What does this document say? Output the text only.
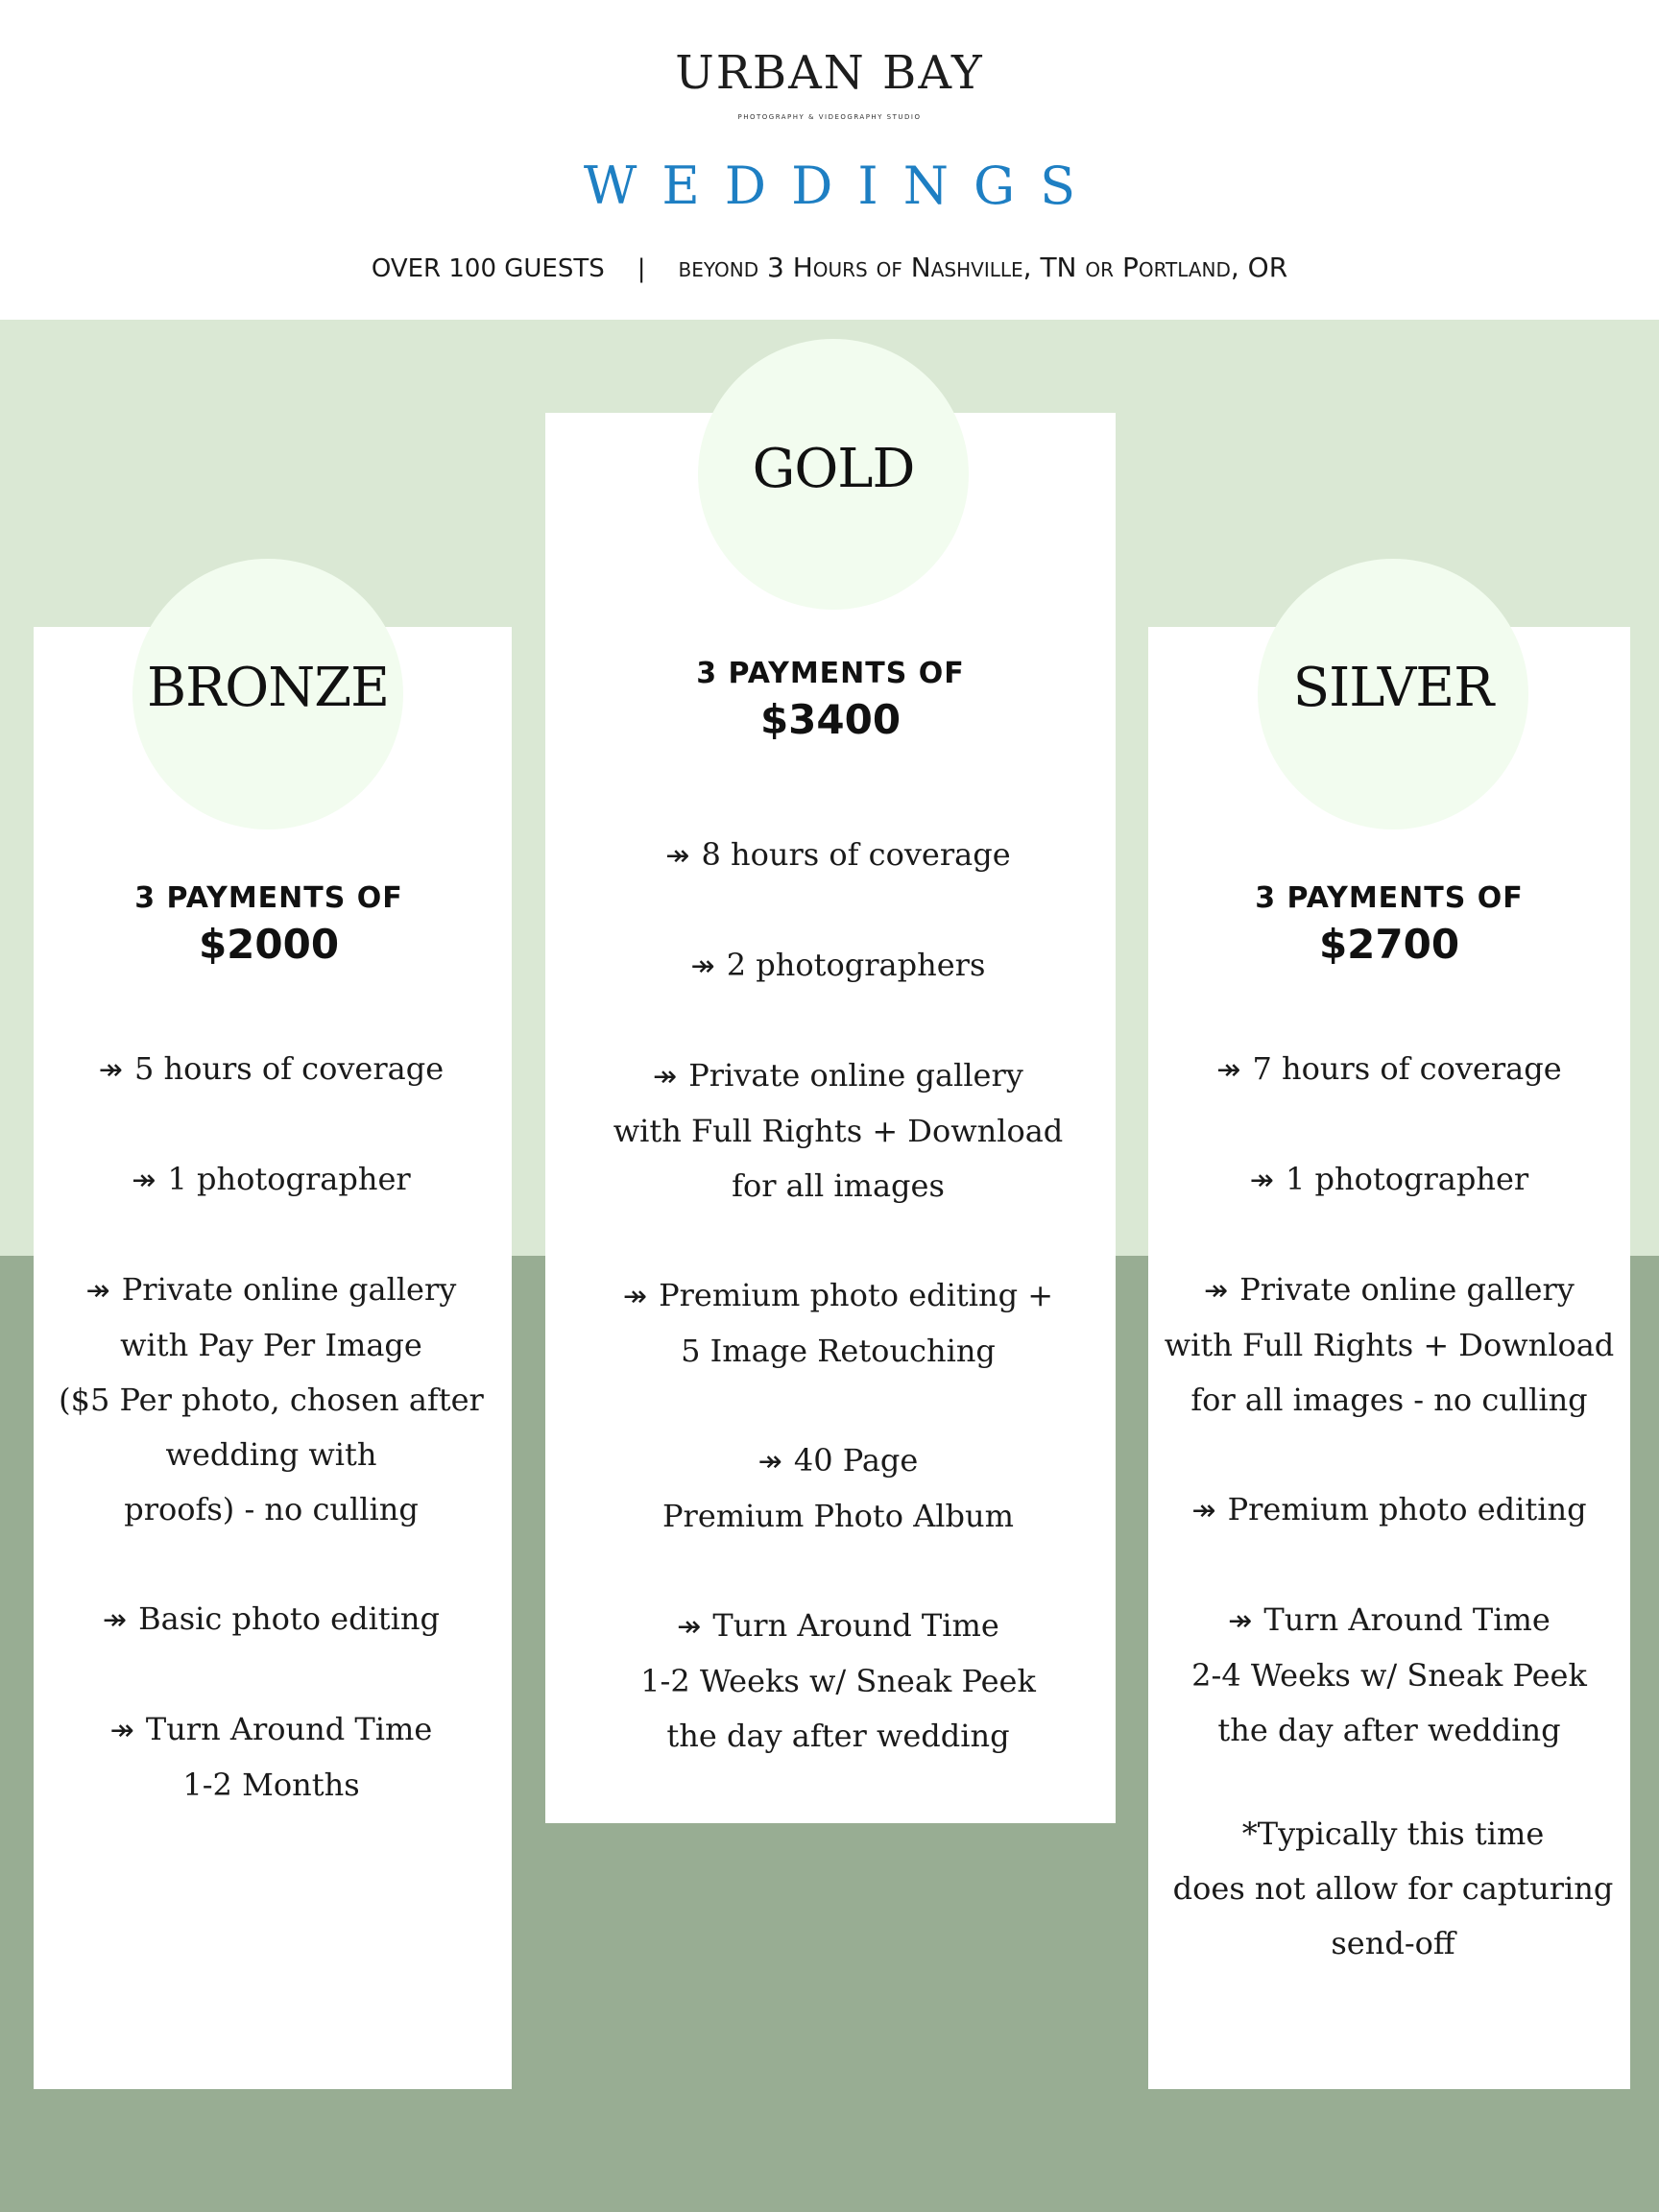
URBAN BAY
PHOTOGRAPHY & VIDEOGRAPHY STUDIO
WEDDINGS
OVER 100 GUESTS | beyond 3 Hours of Nashville, TN or Portland, OR
BRONZE
GOLD
SILVER
3 PAYMENTS OF
$2000
3 PAYMENTS OF
$3400
3 PAYMENTS OF
$2700
↠ 5 hours of coverage
↠ 1 photographer
↠ Private online gallery
with Pay Per Image
($5 Per photo, chosen after
wedding with
proofs) - no culling
↠ Basic photo editing
↠ Turn Around Time
1-2 Months
↠ 8 hours of coverage
↠ 2 photographers
↠ Private online gallery
with Full Rights + Download
for all images
↠ Premium photo editing +
5 Image Retouching
↠ 40 Page
Premium Photo Album
↠ Turn Around Time
1-2 Weeks w/ Sneak Peek
the day after wedding
↠ 7 hours of coverage
↠ 1 photographer
↠ Private online gallery
with Full Rights + Download
for all images - no culling
↠ Premium photo editing
↠ Turn Around Time
2-4 Weeks w/ Sneak Peek
the day after wedding
*Typically this time
does not allow for capturing
send-off
